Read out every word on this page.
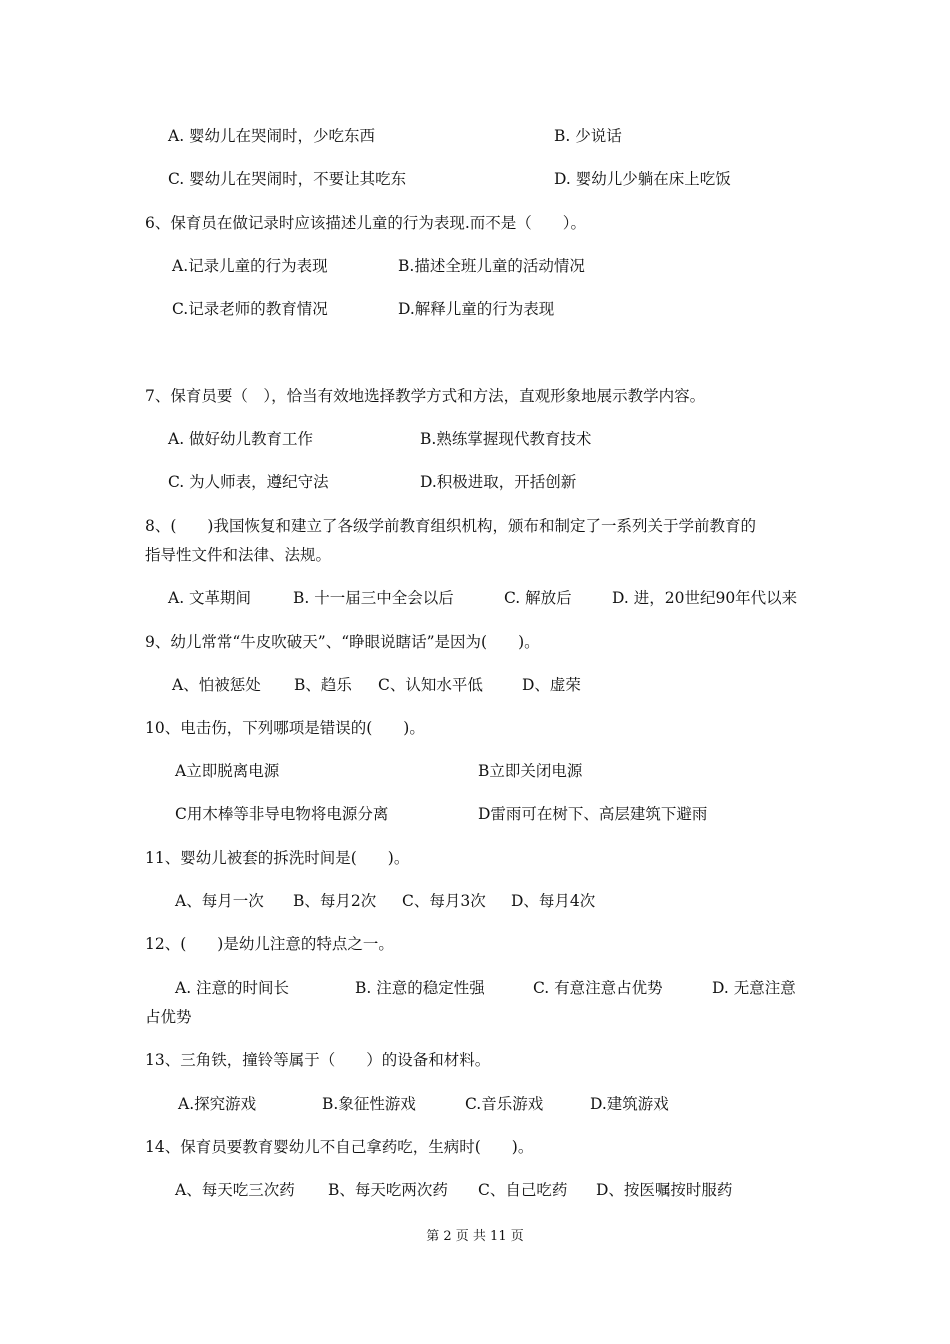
A. 婴幼儿在哭闹时，少吃东西	B. 少说话
C. 婴幼儿在哭闹时，不要让其吃东	D. 婴幼儿少躺在床上吃饭
6、保育员在做记录时应该描述儿童的行为表现.而不是（　　）。
A.记录儿童的行为表现	B.描述全班儿童的活动情况
C.记录老师的教育情况	D.解释儿童的行为表现
7、保育员要（　），恰当有效地选择教学方式和方法，直观形象地展示教学内容。
A. 做好幼儿教育工作	B.熟练掌握现代教育技术
C. 为人师表，遵纪守法	D.积极进取，开括创新
8、(　　)我国恢复和建立了各级学前教育组织机构，颁布和制定了一系列关于学前教育的
指导性文件和法律、法规。
A. 文革期间	B. 十一届三中全会以后	C. 解放后	D. 进，20世纪90年代以来
9、幼儿常常“牛皮吹破天”、“睁眼说瞎话”是因为(　　)。
A、怕被惩处 B、趋乐 C、认知水平低	D、虚荣
10、电击伤，下列哪项是错误的(　　)。
A立即脱离电源	B立即关闭电源
C用木棒等非导电物将电源分离	D雷雨可在树下、高层建筑下避雨
11、婴幼儿被套的拆洗时间是(　　)。
A、每月一次 B、每月2次 C、每月3次 D、每月4次
12、(　　)是幼儿注意的特点之一。
A. 注意的时间长	B. 注意的稳定性强	C. 有意注意占优势	D. 无意注意
占优势
13、三角铁，撞铃等属于（　　）的设备和材料。
A.探究游戏	B.象征性游戏	C.音乐游戏	D.建筑游戏
14、保育员要教育婴幼儿不自己拿药吃，生病时(　　)。
A、每天吃三次药 B、每天吃两次药 C、自己吃药 D、按医嘱按时服药
第 2 页 共 11 页
